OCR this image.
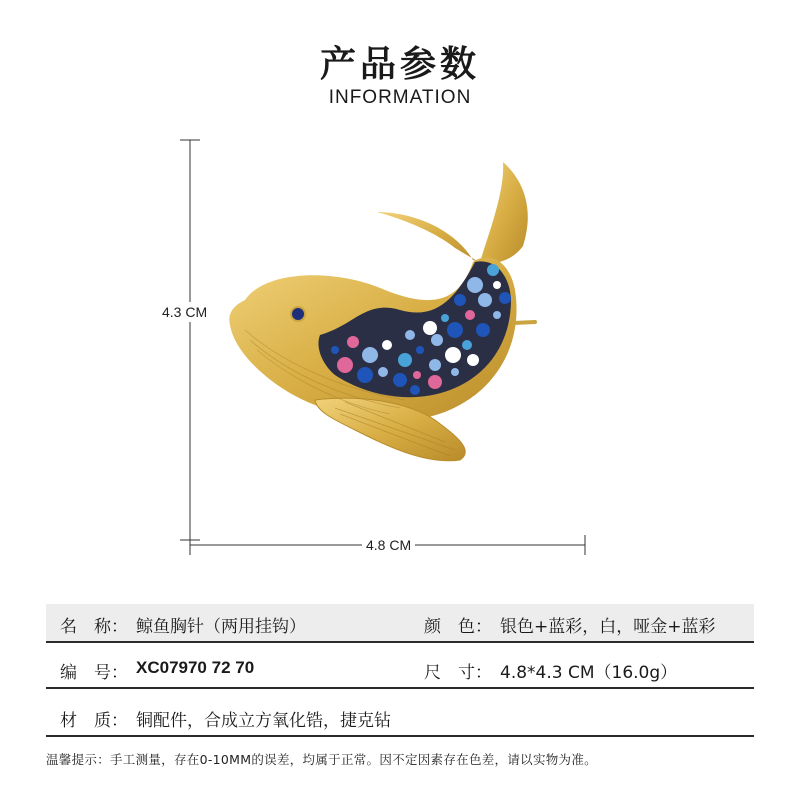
产品参数
INFORMATION
4.3 CM
4.8 CM
名　称： 鲸鱼胸针（两用挂钩）	颜　色： 银色+蓝彩，白，哑金+蓝彩
编　号： XC07970 72 70	尺　寸： 4.8*4.3 CM（16.0g）
材　质： 铜配件，合成立方氧化锆，捷克钻
温馨提示：手工测量，存在0-10MM的误差，均属于正常。因不定因素存在色差，请以实物为准。
